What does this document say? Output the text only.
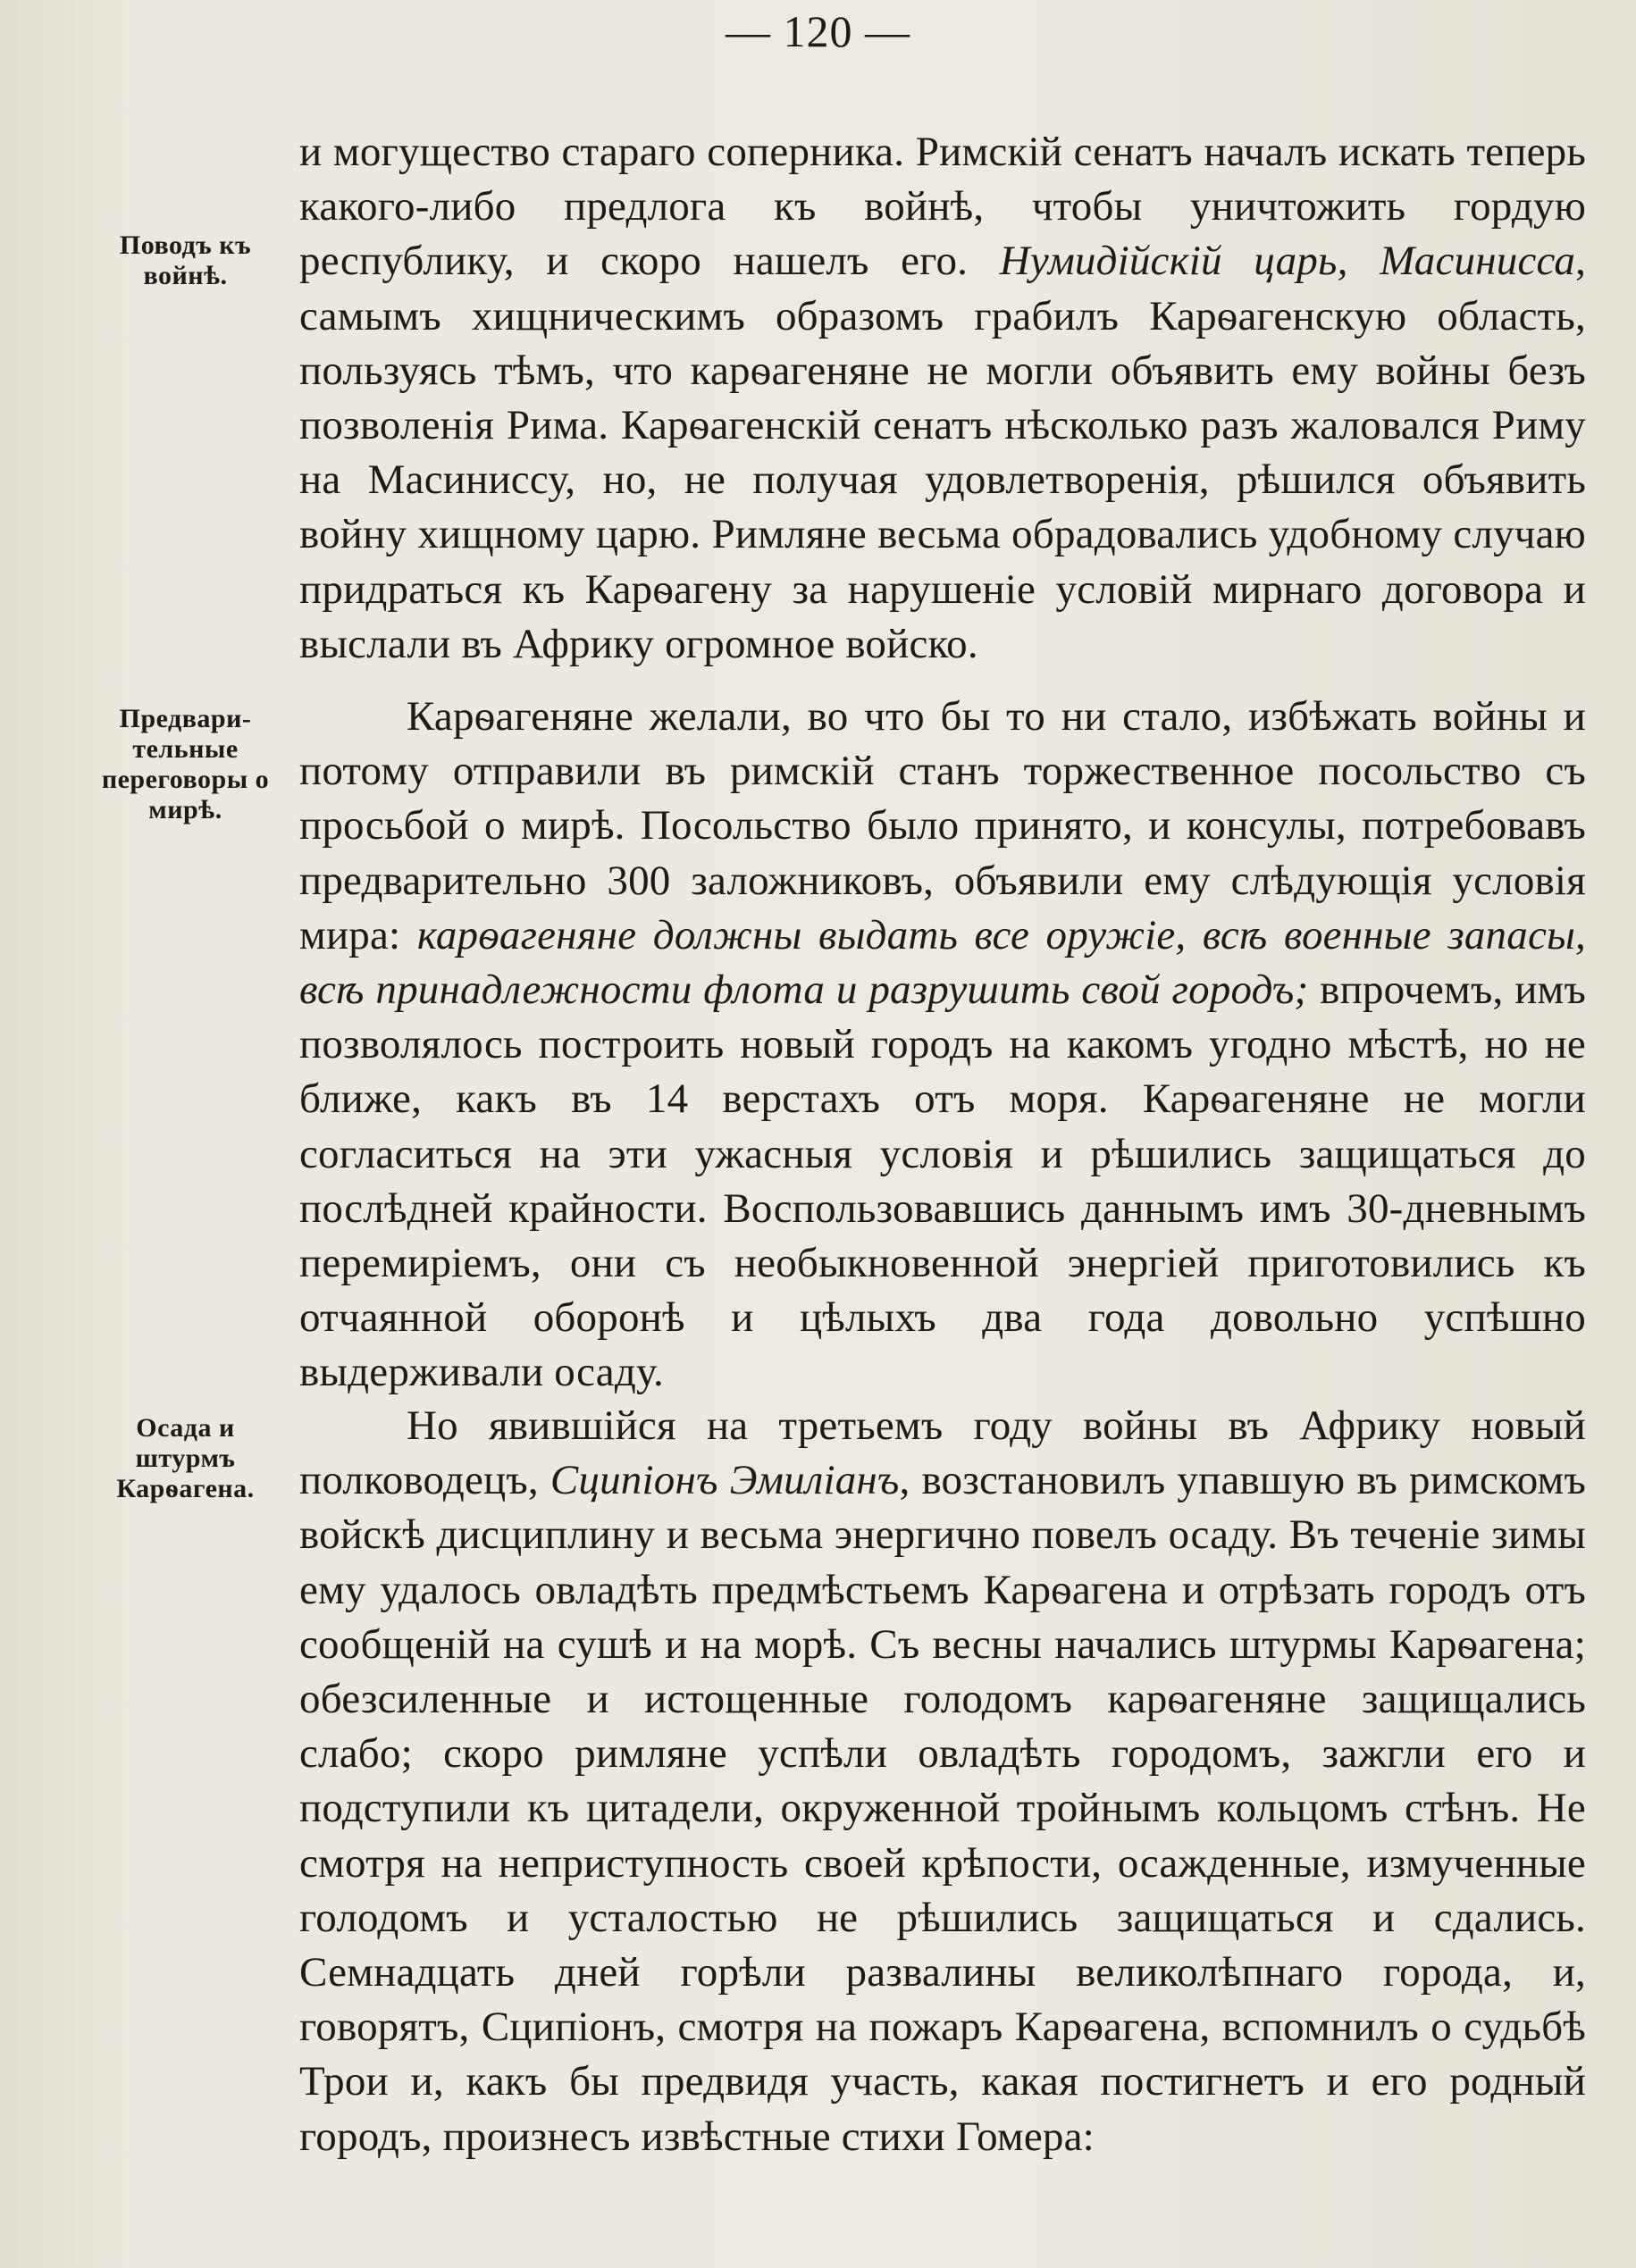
— 120 —
Поводъ къ войнѣ.
Предвари- тельные переговоры о мирѣ.
Осада и штурмъ Карѳагена.

и могущество стараго соперника. Римскій сенатъ началъ искать теперь какого-либо предлога къ войнѣ, чтобы уничтожить гордую республику, и скоро нашелъ его. Нумидійскій царь, Масинисса, самымъ хищническимъ образомъ грабилъ Карѳагенскую область, пользуясь тѣмъ, что карѳагеняне не могли объявить ему войны безъ позволенія Рима. Карѳагенскій сенатъ нѣсколько разъ жаловался Риму на Масиниссу, но, не получая удовлетворенія, рѣшился объявить войну хищному царю. Римляне весьма обрадовались удобному случаю придраться къ Карѳагену за нарушеніе условій мирнаго договора и выслали въ Африку огромное войско.

Карѳагеняне желали, во что бы то ни стало, избѣжать войны и потому отправили въ римскій станъ торжественное посольство съ просьбой о мирѣ. Посольство было принято, и консулы, потребовавъ предварительно 300 заложниковъ, объявили ему слѣдующія условія мира: карѳагеняне должны выдать все оружіе, всѣ военные запасы, всѣ принадлежности флота и разрушить свой городъ; впрочемъ, имъ позволялось построить новый городъ на какомъ угодно мѣстѣ, но не ближе, какъ въ 14 верстахъ отъ моря. Карѳагеняне не могли согласиться на эти ужасныя условія и рѣшились защищаться до послѣдней крайности. Воспользовавшись даннымъ имъ 30-дневнымъ перемиріемъ, они съ необыкновенной энергіей приготовились къ отчаянной оборонѣ и цѣлыхъ два года довольно успѣшно выдерживали осаду.

Но явившійся на третьемъ году войны въ Африку новый полководецъ, Сципіонъ Эмиліанъ, возстановилъ упавшую въ римскомъ войскѣ дисциплину и весьма энергично повелъ осаду. Въ теченіе зимы ему удалось овладѣть предмѣстьемъ Карѳагена и отрѣзать городъ отъ сообщеній на сушѣ и на морѣ. Съ весны начались штурмы Карѳагена; обезсиленные и истощенные голодомъ карѳагеняне защищались слабо; скоро римляне успѣли овладѣть городомъ, зажгли его и подступили къ цитадели, окруженной тройнымъ кольцомъ стѣнъ. Не смотря на неприступность своей крѣпости, осажденные, измученные голодомъ и усталостью не рѣшились защищаться и сдались. Семнадцать дней горѣли развалины великолѣпнаго города, и, говорятъ, Сципіонъ, смотря на пожаръ Карѳагена, вспомнилъ о судьбѣ Трои и, какъ бы предвидя участь, какая постигнетъ и его родный городъ, произнесъ извѣстные стихи Гомера:
